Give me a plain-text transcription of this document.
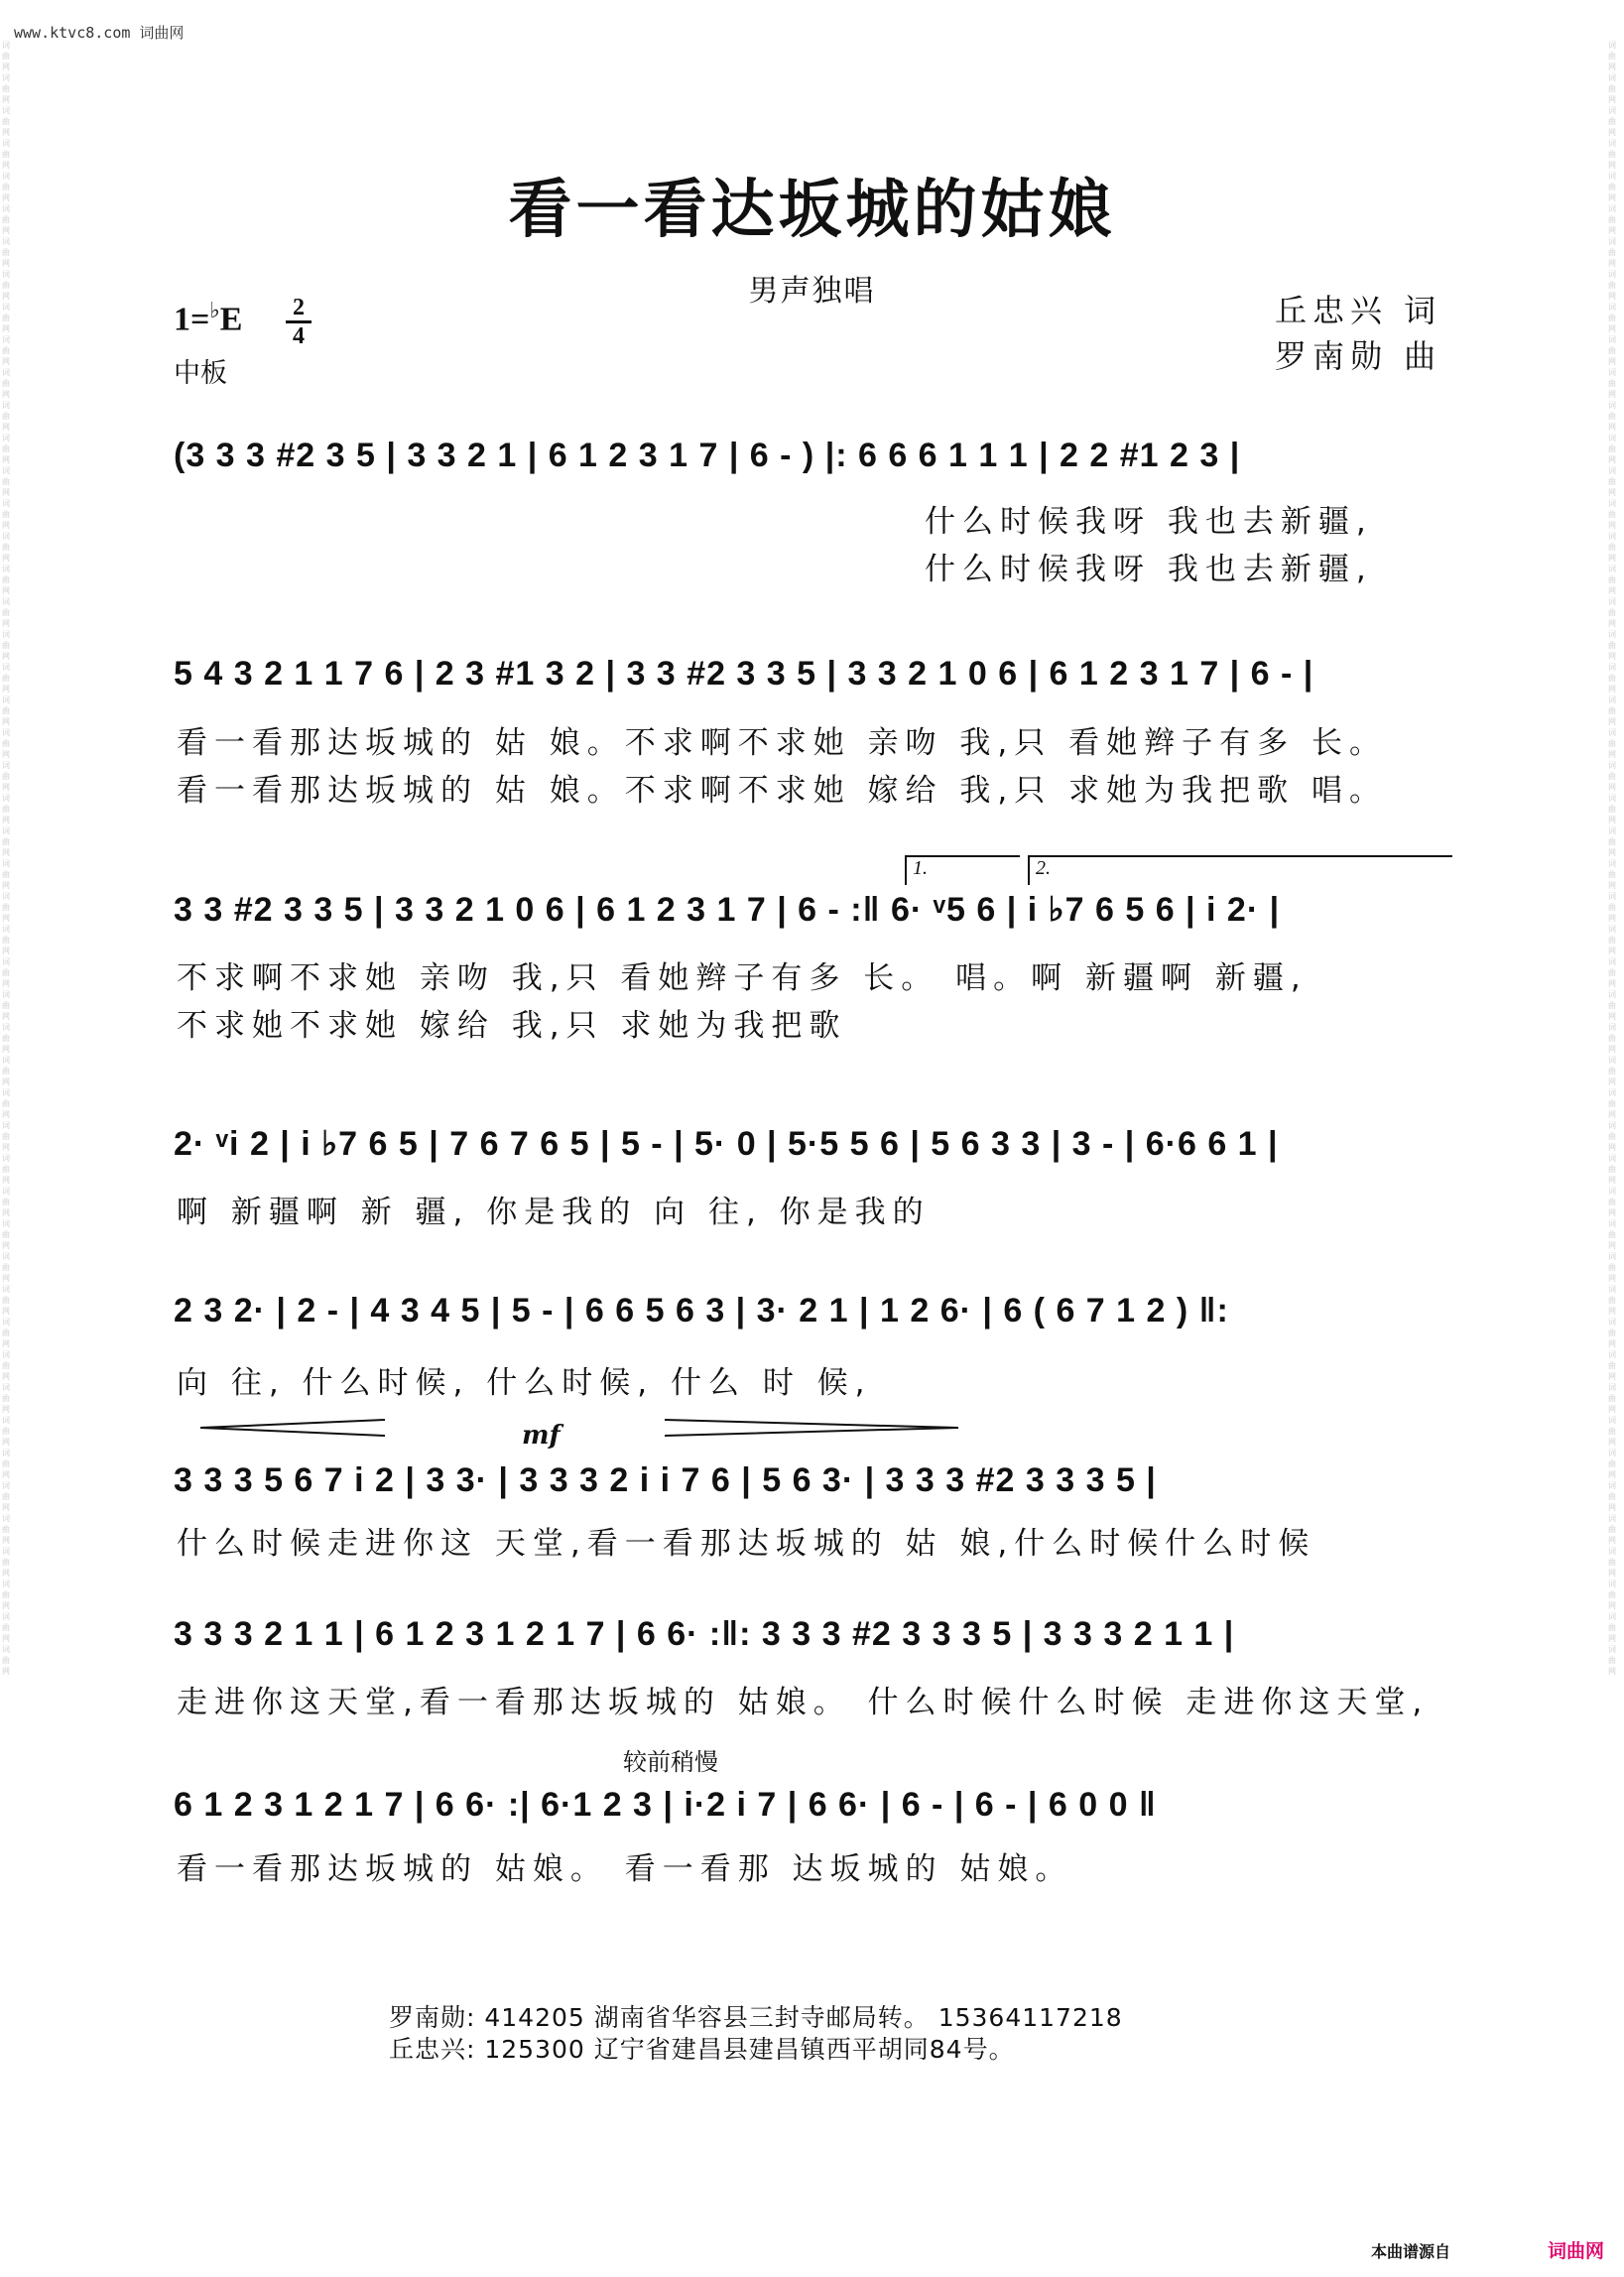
www.ktvc8.com 词曲网
词曲网词曲网词曲网词曲网词曲网词曲网词曲网词曲网词曲网词曲网词曲网词曲网词曲网词曲网词曲网词曲网词曲网词曲网词曲网词曲网词曲网词曲网词曲网词曲网词曲网词曲网词曲网词曲网词曲网词曲网词曲网词曲网词曲网词曲网词曲网词曲网词曲网词曲网词曲网词曲网词曲网词曲网词曲网词曲网词曲网词曲网词曲网词曲网词曲网词曲网
词曲网词曲网词曲网词曲网词曲网词曲网词曲网词曲网词曲网词曲网词曲网词曲网词曲网词曲网词曲网词曲网词曲网词曲网词曲网词曲网词曲网词曲网词曲网词曲网词曲网词曲网词曲网词曲网词曲网词曲网词曲网词曲网词曲网词曲网词曲网词曲网词曲网词曲网词曲网词曲网词曲网词曲网词曲网词曲网词曲网词曲网词曲网词曲网词曲网词曲网
看一看达坂城的姑娘
男声独唱
1=♭E 2
4
中板
丘忠兴 词
罗南勋 曲
(3 3 3 #2 3 5 | 3 3 2 1 | 6 1 2 3 1 7 | 6 - ) |: 6 6 6 1 1 1 | 2 2 #1 2 3 |
什么时候我呀 我也去新疆,
什么时候我呀 我也去新疆,
5 4 3 2 1 1 7 6 | 2 3 #1 3 2 | 3 3 #2 3 3 5 | 3 3 2 1 0 6 | 6 1 2 3 1 7 | 6 - |
看一看那达坂城的 姑 娘。不求啊不求她 亲吻 我,只 看她辫子有多 长。
看一看那达坂城的 姑 娘。不求啊不求她 嫁给 我,只 求她为我把歌 唱。
1.	2.
3 3 #2 3 3 5 | 3 3 2 1 0 6 | 6 1 2 3 1 7 | 6 - :‖ 6· ᵛ5 6 | i ♭7 6 5 6 | i 2· |
不求啊不求她 亲吻 我,只 看她辫子有多 长。 唱。啊 新疆啊 新疆,
不求她不求她 嫁给 我,只 求她为我把歌
2· ᵛi 2 | i ♭7 6 5 | 7 6 7 6 5 | 5 - | 5· 0 | 5·5 5 6 | 5 6 3 3 | 3 - | 6·6 6 1 |
啊 新疆啊 新 疆, 你是我的 向 往, 你是我的
2 3 2· | 2 - | 4 3 4 5 | 5 - | 6 6 5 6 3 | 3· 2 1 | 1 2 6· | 6 ( 6 7 1 2 ) ‖:
向 往, 什么时候, 什么时候, 什么 时 候,
mf
3 3 3 5 6 7 i 2 | 3 3· | 3 3 3 2 i i 7 6 | 5 6 3· | 3 3 3 #2 3 3 3 5 |
什么时候走进你这 天堂,看一看那达坂城的 姑 娘,什么时候什么时候
3 3 3 2 1 1 | 6 1 2 3 1 2 1 7 | 6 6· :‖: 3 3 3 #2 3 3 3 5 | 3 3 3 2 1 1 |
走进你这天堂,看一看那达坂城的 姑娘。 什么时候什么时候 走进你这天堂,
较前稍慢
6 1 2 3 1 2 1 7 | 6 6· :| 6·1 2 3 | i·2 i 7 | 6 6· | 6 - | 6 - | 6 0 0 ‖
看一看那达坂城的 姑娘。 看一看那 达坂城的 姑娘。
罗南勋: 414205 湖南省华容县三封寺邮局转。 15364117218
丘忠兴: 125300 辽宁省建昌县建昌镇西平胡同84号。
本曲谱源自	词曲网
